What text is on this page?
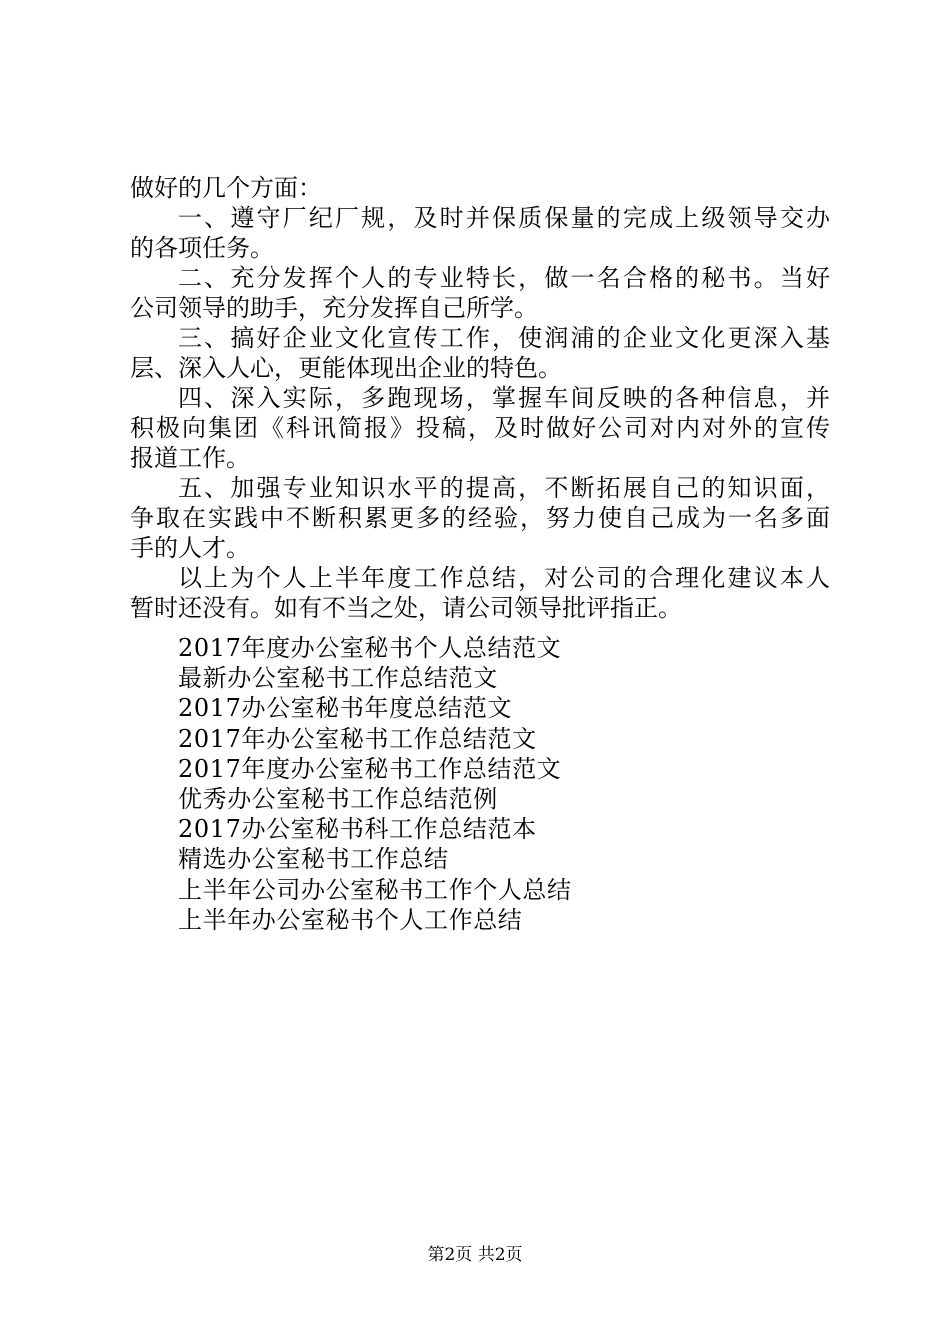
做好的几个方面：
一、遵守厂纪厂规，及时并保质保量的完成上级领导交办
的各项任务。
二、充分发挥个人的专业特长，做一名合格的秘书。当好
公司领导的助手，充分发挥自己所学。
三、搞好企业文化宣传工作，使润浦的企业文化更深入基
层、深入人心，更能体现出企业的特色。
四、深入实际，多跑现场，掌握车间反映的各种信息，并
积极向集团《科讯简报》投稿，及时做好公司对内对外的宣传
报道工作。
五、加强专业知识水平的提高，不断拓展自己的知识面，
争取在实践中不断积累更多的经验，努力使自己成为一名多面
手的人才。
以上为个人上半年度工作总结，对公司的合理化建议本人
暂时还没有。如有不当之处，请公司领导批评指正。
2017年度办公室秘书个人总结范文
最新办公室秘书工作总结范文
2017办公室秘书年度总结范文
2017年办公室秘书工作总结范文
2017年度办公室秘书工作总结范文
优秀办公室秘书工作总结范例
2017办公室秘书科工作总结范本
精选办公室秘书工作总结
上半年公司办公室秘书工作个人总结
上半年办公室秘书个人工作总结
第2页 共2页
